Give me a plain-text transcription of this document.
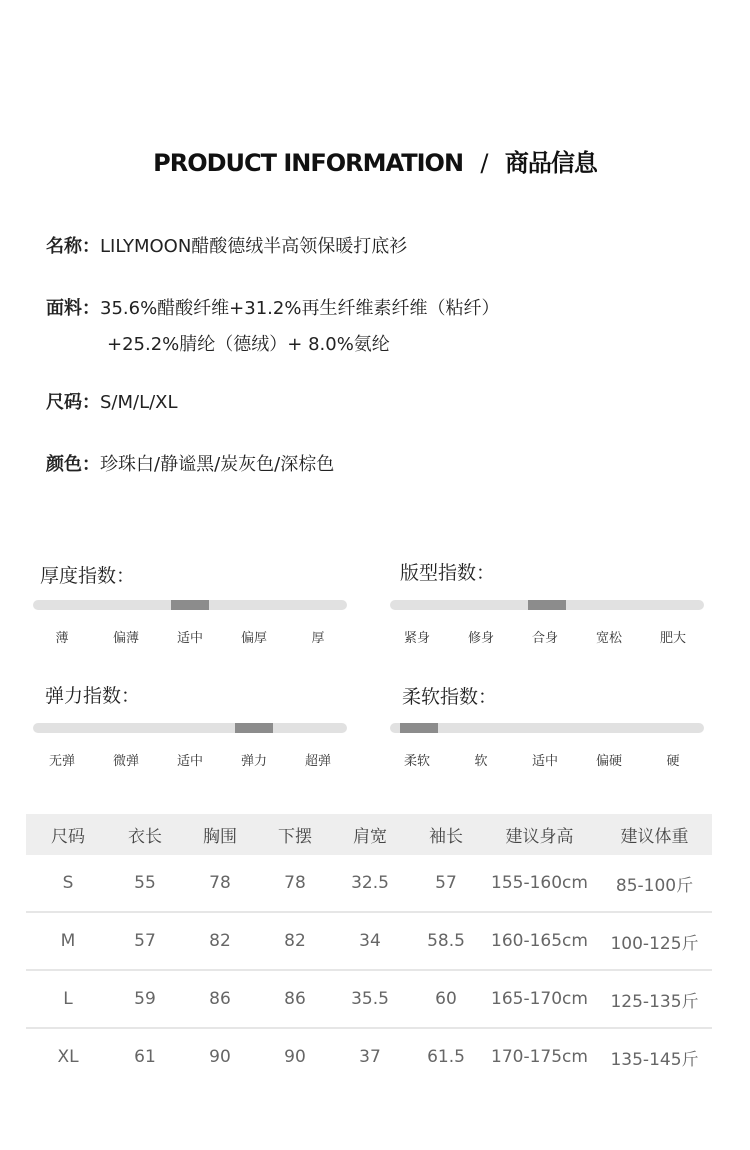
PRODUCT INFORMATION / 商品信息
名称：LILYMOON醋酸德绒半高领保暖打底衫
面料：35.6%醋酸纤维+31.2%再生纤维素纤维（粘纤）
+25.2%腈纶（德绒）+ 8.0%氨纶
尺码：S/M/L/XL
颜色：珍珠白/静谧黑/炭灰色/深棕色
厚度指数：
薄	偏薄	适中	偏厚	厚
版型指数：
紧身	修身	合身	宽松	肥大
弹力指数：
无弹	微弹	适中	弹力	超弹
柔软指数：
柔软	软	适中	偏硬	硬
尺码	衣长	胸围	下摆	肩宽	袖长	建议身高	建议体重
S	55	78	78	32.5	57	155-160cm	85-100斤
M	57	82	82	34	58.5	160-165cm	100-125斤
L	59	86	86	35.5	60	165-170cm	125-135斤
XL	61	90	90	37	61.5	170-175cm	135-145斤
